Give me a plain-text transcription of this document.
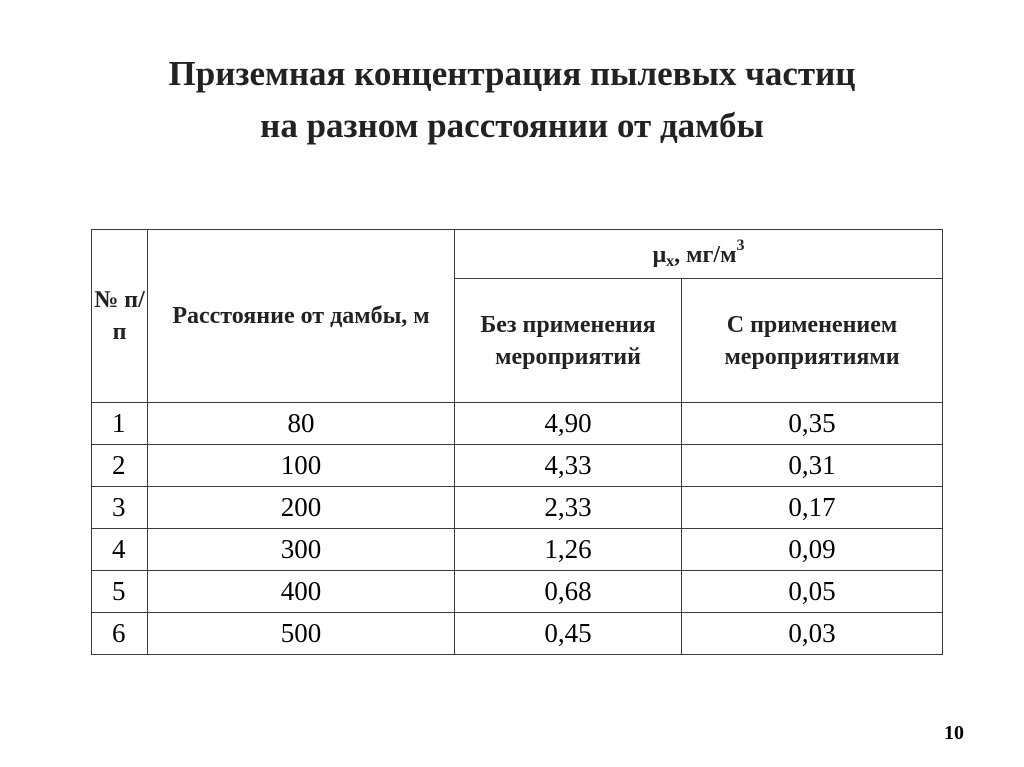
Приземная концентрация пылевых частиц
на разном расстоянии от дамбы
№ п/п	Расстояние от дамбы, м	μx, $мг/м^3$
		Без применения мероприятий	С применением мероприятиями
1	80	4,90	0,35
2	100	4,33	0,31
3	200	2,33	0,17
4	300	1,26	0,09
5	400	0,68	0,05
6	500	0,45	0,03
10
